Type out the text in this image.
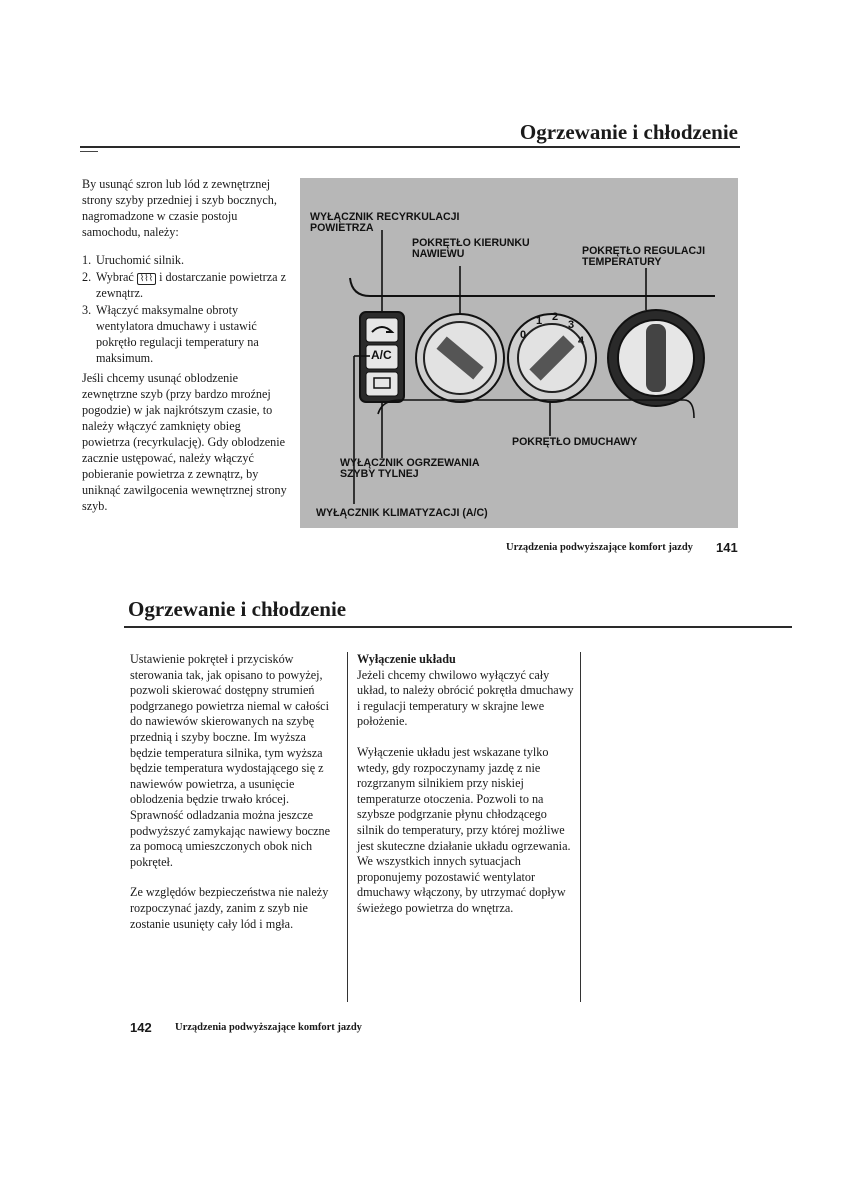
Ogrzewanie i chłodzenie
By usunąć szron lub lód z zewnętrznej strony szyby przedniej i szyb bocznych, nagromadzone w czasie postoju samochodu, należy:
1. Uruchomić silnik.
2. Wybrać ⌇⌇⌇ i dostarczanie powietrza z zewnątrz.
3. Włączyć maksymalne obroty wentylatora dmuchawy i ustawić pokrętło regulacji temperatury na maksimum.
Jeśli chcemy usunąć oblodzenie zewnętrzne szyb (przy bardzo mroźnej pogodzie) w jak najkrótszym czasie, to należy włączyć zamknięty obieg powietrza (recyrkulację). Gdy oblodzenie zacznie ustępować, należy włączyć pobieranie powietrza z zewnątrz, by uniknąć zawilgocenia wewnętrznej strony szyb.
WYŁĄCZNIK RECYRKULACJI POWIETRZA
POKRĘTŁO KIERUNKU NAWIEWU	POKRĘTŁO REGULACJI TEMPERATURY
POKRĘTŁO DMUCHAWY
WYŁĄCZNIK OGRZEWANIA SZYBY TYLNEJ
WYŁĄCZNIK KLIMATYZACJI (A/C)
A/C
0
1 2
3
4
Urządzenia podwyższające komfort jazdy 141
Ogrzewanie i chłodzenie

Ustawienie pokręteł i przycisków sterowania tak, jak opisano to powyżej, pozwoli skierować dostępny strumień podgrzanego powietrza niemal w całości do nawiewów skierowanych na szybę przednią i szyby boczne. Im wyższa będzie temperatura silnika, tym wyższa będzie temperatura wydostającego się z nawiewów powietrza, a usunięcie oblodzenia będzie trwało krócej. Sprawność odladzania można jeszcze podwyższyć zamykając nawiewy boczne za pomocą umieszczonych obok nich pokręteł.

Ze względów bezpieczeństwa nie należy rozpoczynać jazdy, zanim z szyb nie zostanie usunięty cały lód i mgła.

Wyłączenie układu

Jeżeli chcemy chwilowo wyłączyć cały układ, to należy obrócić pokrętła dmuchawy i regulacji temperatury w skrajne lewe położenie.

Wyłączenie układu jest wskazane tylko wtedy, gdy rozpoczynamy jazdę z nie rozgrzanym silnikiem przy niskiej temperaturze otoczenia. Pozwoli to na szybsze podgrzanie płynu chłodzącego silnik do temperatury, przy której możliwe jest skuteczne działanie układu ogrzewania. We wszystkich innych sytuacjach proponujemy pozostawić wentylator dmuchawy włączony, by utrzymać dopływ świeżego powietrza do wnętrza.

142 Urządzenia podwyższające komfort jazdy
